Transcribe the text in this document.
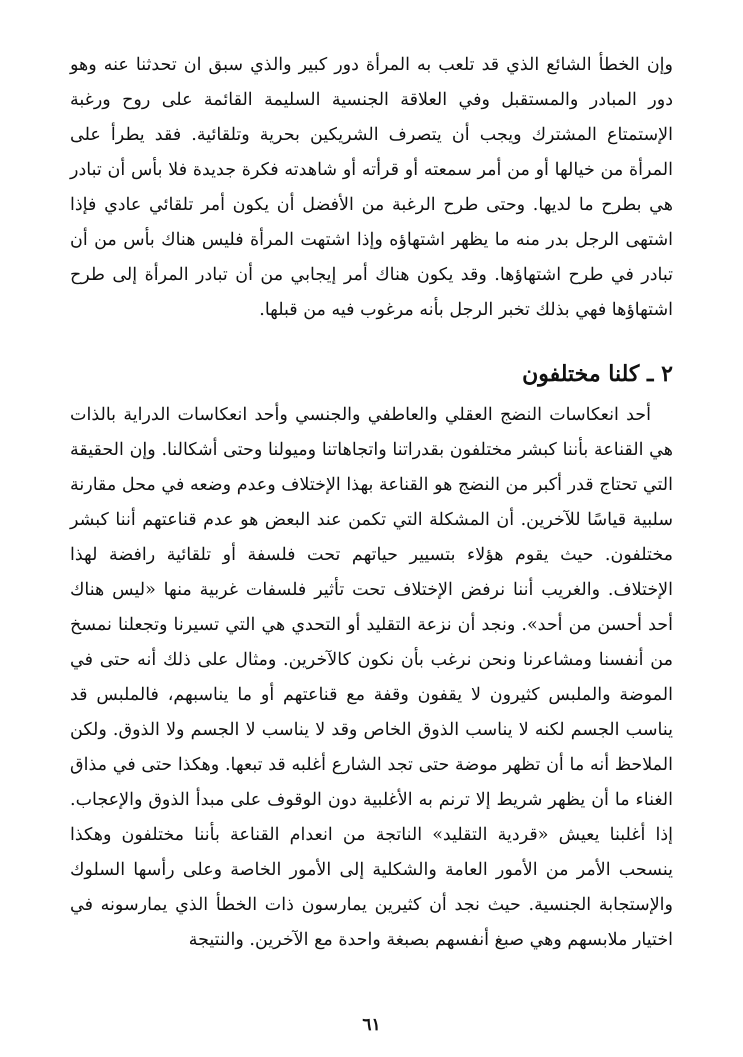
وإن الخطأ الشائع الذي قد تلعب به المرأة دور كبير والذي سبق ان تحدثنا عنه وهو دور المبادر والمستقبل وفي العلاقة الجنسية السليمة القائمة على روح ورغبة الإستمتاع المشترك ويجب أن يتصرف الشريكين بحرية وتلقائية. فقد يطرأ على المرأة من خيالها أو من أمر سمعته أو قرأته أو شاهدته فكرة جديدة فلا بأس أن تبادر هي بطرح ما لديها. وحتى طرح الرغبة من الأفضل أن يكون أمر تلقائي عادي فإذا اشتهى الرجل بدر منه ما يظهر اشتهاؤه وإذا اشتهت المرأة فليس هناك بأس من أن تبادر في طرح اشتهاؤها. وقد يكون هناك أمر إيجابي من أن تبادر المرأة إلى طرح اشتهاؤها فهي بذلك تخبر الرجل بأنه مرغوب فيه من قبلها.

٢ ـ كلنا مختلفون

أحد انعكاسات النضج العقلي والعاطفي والجنسي وأحد انعكاسات الدراية بالذات هي القناعة بأننا كبشر مختلفون بقدراتنا واتجاهاتنا وميولنا وحتى أشكالنا. وإن الحقيقة التي تحتاج قدر أكبر من النضج هو القناعة بهذا الإختلاف وعدم وضعه في محل مقارنة سلبية قياسًا للآخرين. أن المشكلة التي تكمن عند البعض هو عدم قناعتهم أننا كبشر مختلفون. حيث يقوم هؤلاء بتسيير حياتهم تحت فلسفة أو تلقائية رافضة لهذا الإختلاف. والغريب أننا نرفض الإختلاف تحت تأثير فلسفات غربية منها «ليس هناك أحد أحسن من أحد». ونجد أن نزعة التقليد أو التحدي هي التي تسيرنا وتجعلنا نمسخ من أنفسنا ومشاعرنا ونحن نرغب بأن نكون كالآخرين. ومثال على ذلك أنه حتى في الموضة والملبس كثيرون لا يقفون وقفة مع قناعتهم أو ما يناسبهم، فالملبس قد يناسب الجسم لكنه لا يناسب الذوق الخاص وقد لا يناسب لا الجسم ولا الذوق. ولكن الملاحظ أنه ما أن تظهر موضة حتى تجد الشارع أغلبه قد تبعها. وهكذا حتى في مذاق الغناء ما أن يظهر شريط إلا ترنم به الأغلبية دون الوقوف على مبدأ الذوق والإعجاب. إذا أغلبنا يعيش «قردية التقليد» الناتجة من انعدام القناعة بأننا مختلفون وهكذا ينسحب الأمر من الأمور العامة والشكلية إلى الأمور الخاصة وعلى رأسها السلوك والإستجابة الجنسية. حيث نجد أن كثيرين يمارسون ذات الخطأ الذي يمارسونه في اختيار ملابسهم وهي صبغ أنفسهم بصبغة واحدة مع الآخرين. والنتيجة

٦١
